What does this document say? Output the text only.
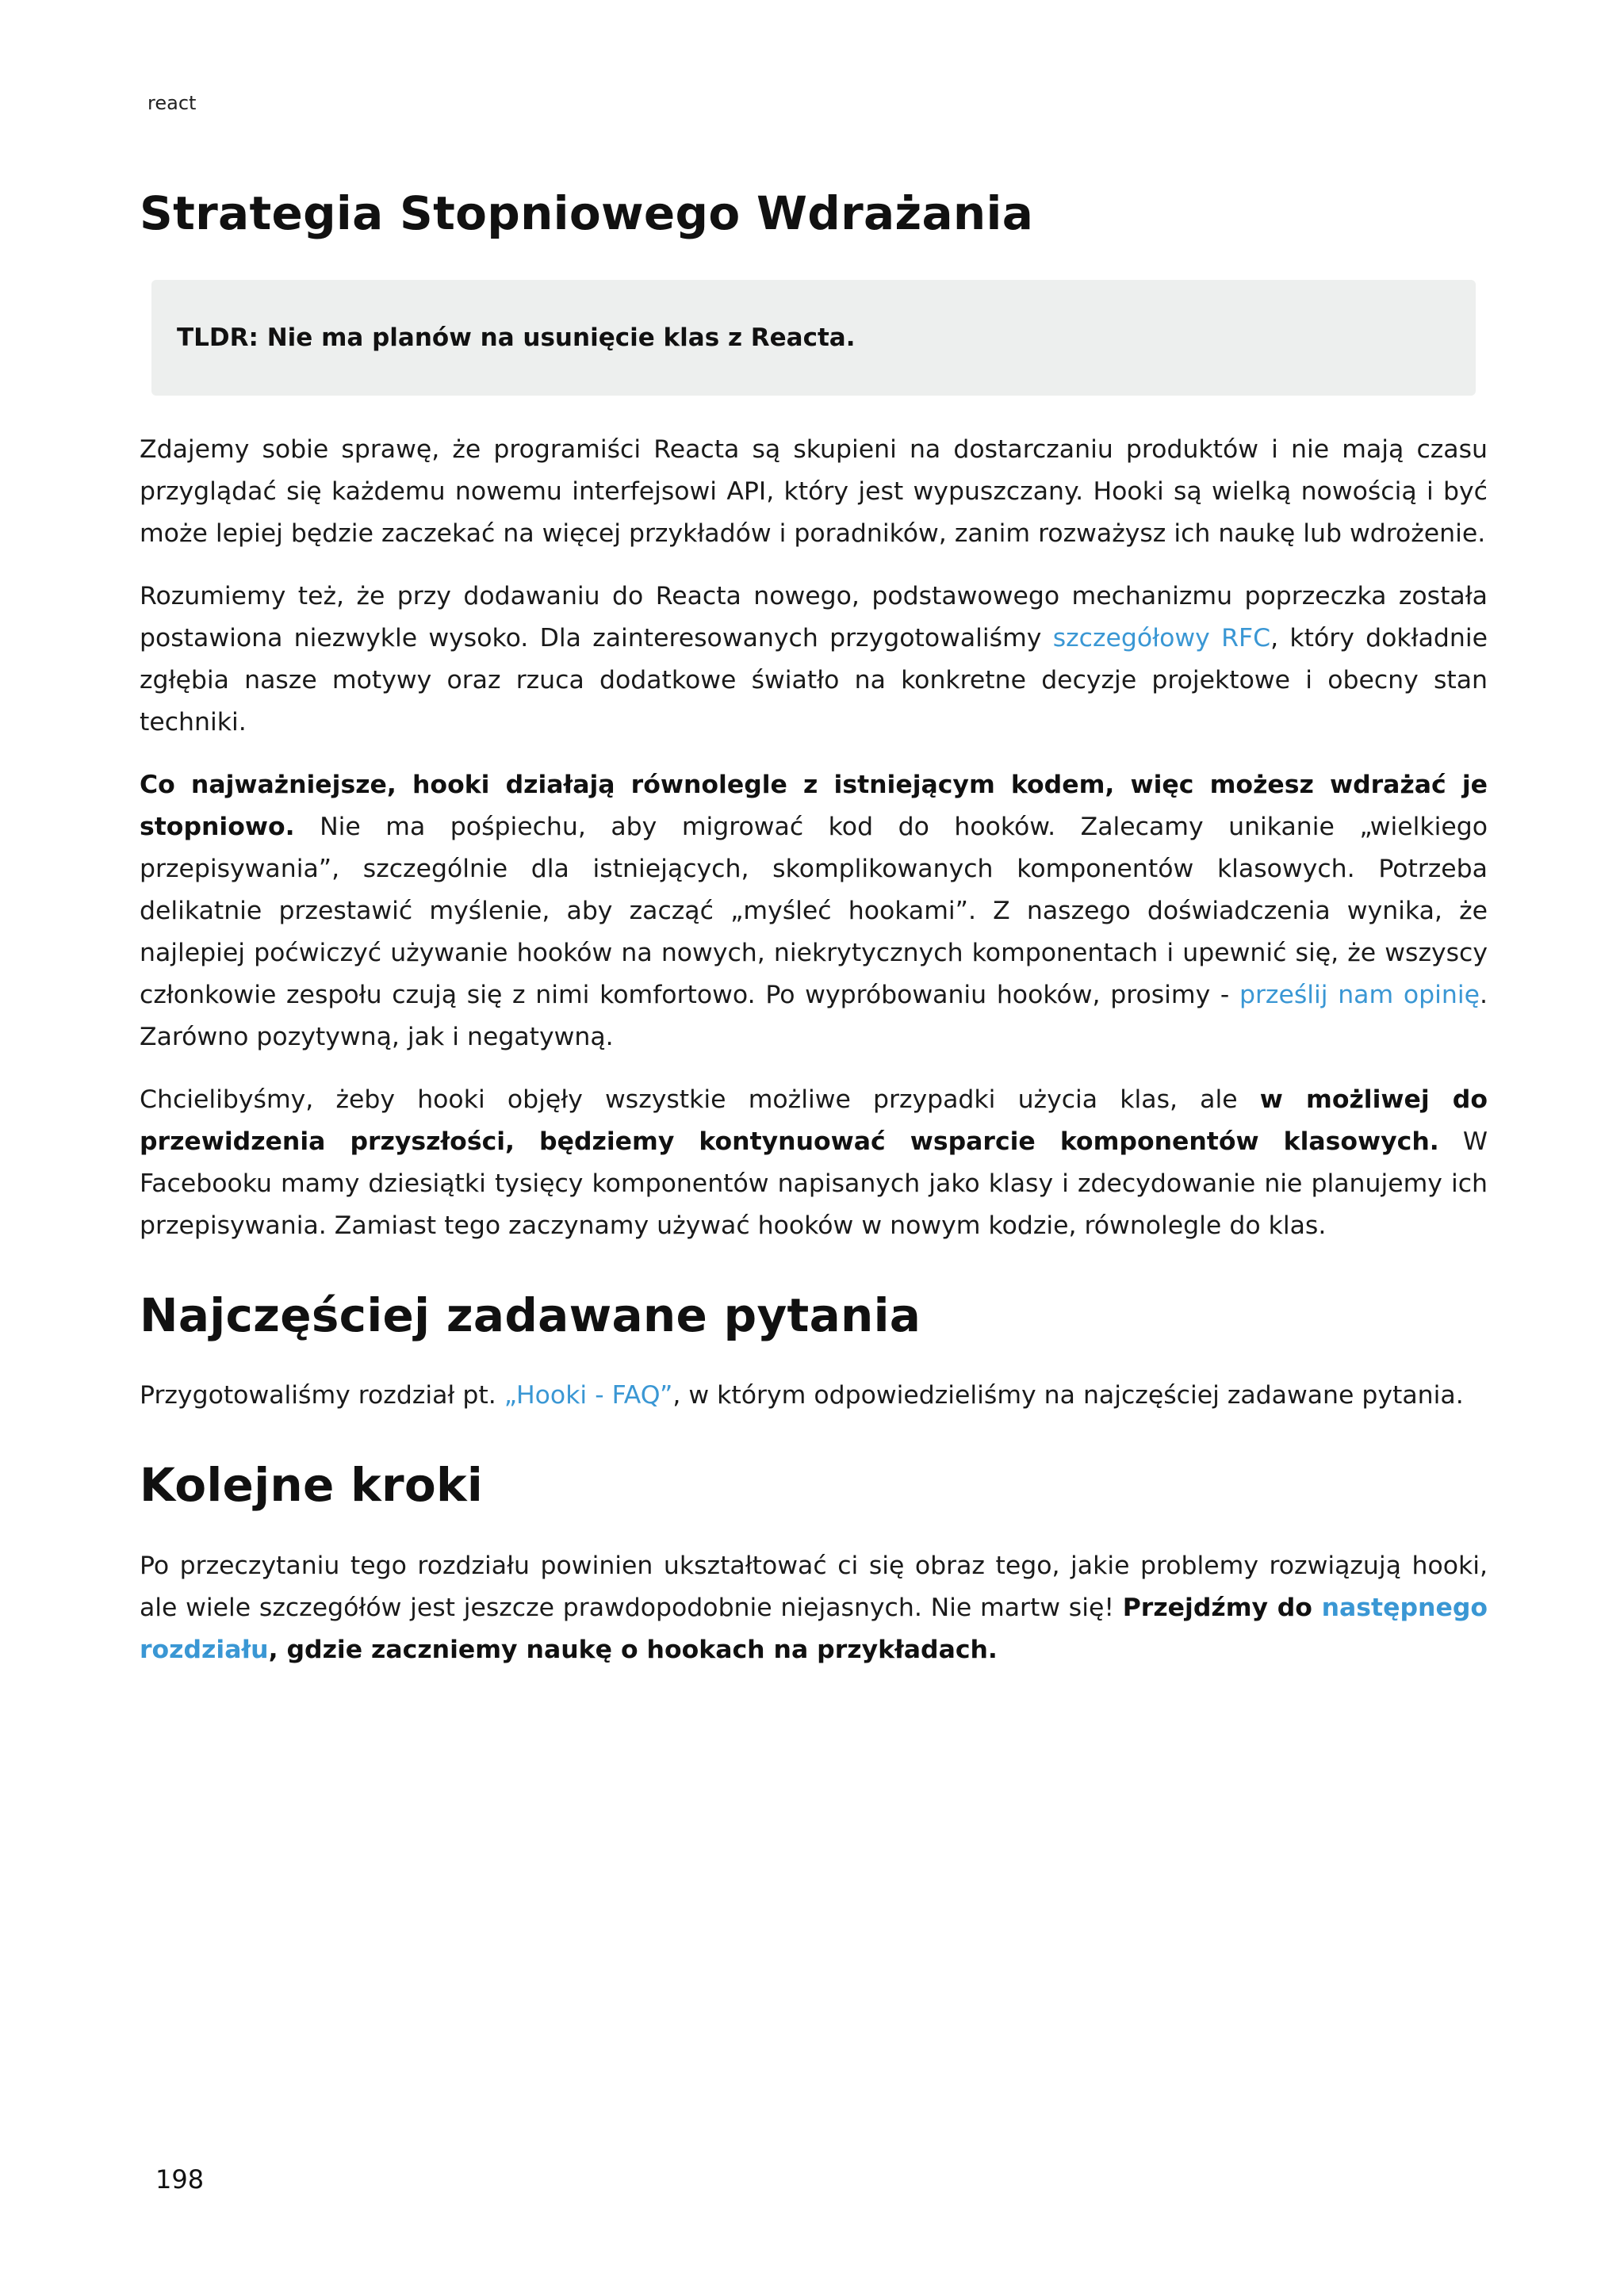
react
Strategia Stopniowego Wdrażania
TLDR: Nie ma planów na usunięcie klas z Reacta.

Zdajemy sobie sprawę, że programiści Reacta są skupieni na dostarczaniu produktów i nie mają czasu przyglądać się każdemu nowemu interfejsowi API, który jest wypuszczany. Hooki są wielką nowością i być może lepiej będzie zaczekać na więcej przykładów i poradników, zanim rozważysz ich naukę lub wdrożenie.

Rozumiemy też, że przy dodawaniu do Reacta nowego, podstawowego mechanizmu poprzeczka została postawiona niezwykle wysoko. Dla zainteresowanych przygotowaliśmy szczegółowy RFC, który dokładnie zgłębia nasze motywy oraz rzuca dodatkowe światło na konkretne decyzje projektowe i obecny stan techniki.

Co najważniejsze, hooki działają równolegle z istniejącym kodem, więc możesz wdrażać je stopniowo. Nie ma pośpiechu, aby migrować kod do hooków. Zalecamy unikanie „wielkiego przepisywania”, szczególnie dla istniejących, skomplikowanych komponentów klasowych. Potrzeba delikatnie przestawić myślenie, aby zacząć „myśleć hookami”. Z naszego doświadczenia wynika, że najlepiej poćwiczyć używanie hooków na nowych, niekrytycznych komponentach i upewnić się, że wszyscy członkowie zespołu czują się z nimi komfortowo. Po wypróbowaniu hooków, prosimy - prześlij nam opinię. Zarówno pozytywną, jak i negatywną.

Chcielibyśmy, żeby hooki objęły wszystkie możliwe przypadki użycia klas, ale w możliwej do przewidzenia przyszłości, będziemy kontynuować wsparcie komponentów klasowych. W Facebooku mamy dziesiątki tysięcy komponentów napisanych jako klasy i zdecydowanie nie planujemy ich przepisywania. Zamiast tego zaczynamy używać hooków w nowym kodzie, równolegle do klas.

Najczęściej zadawane pytania

Przygotowaliśmy rozdział pt. „Hooki - FAQ”, w którym odpowiedzieliśmy na najczęściej zadawane pytania.

Kolejne kroki

Po przeczytaniu tego rozdziału powinien ukształtować ci się obraz tego, jakie problemy rozwiązują hooki, ale wiele szczegółów jest jeszcze prawdopodobnie niejasnych. Nie martw się! Przejdźmy do następnego rozdziału, gdzie zaczniemy naukę o hookach na przykładach.

198
